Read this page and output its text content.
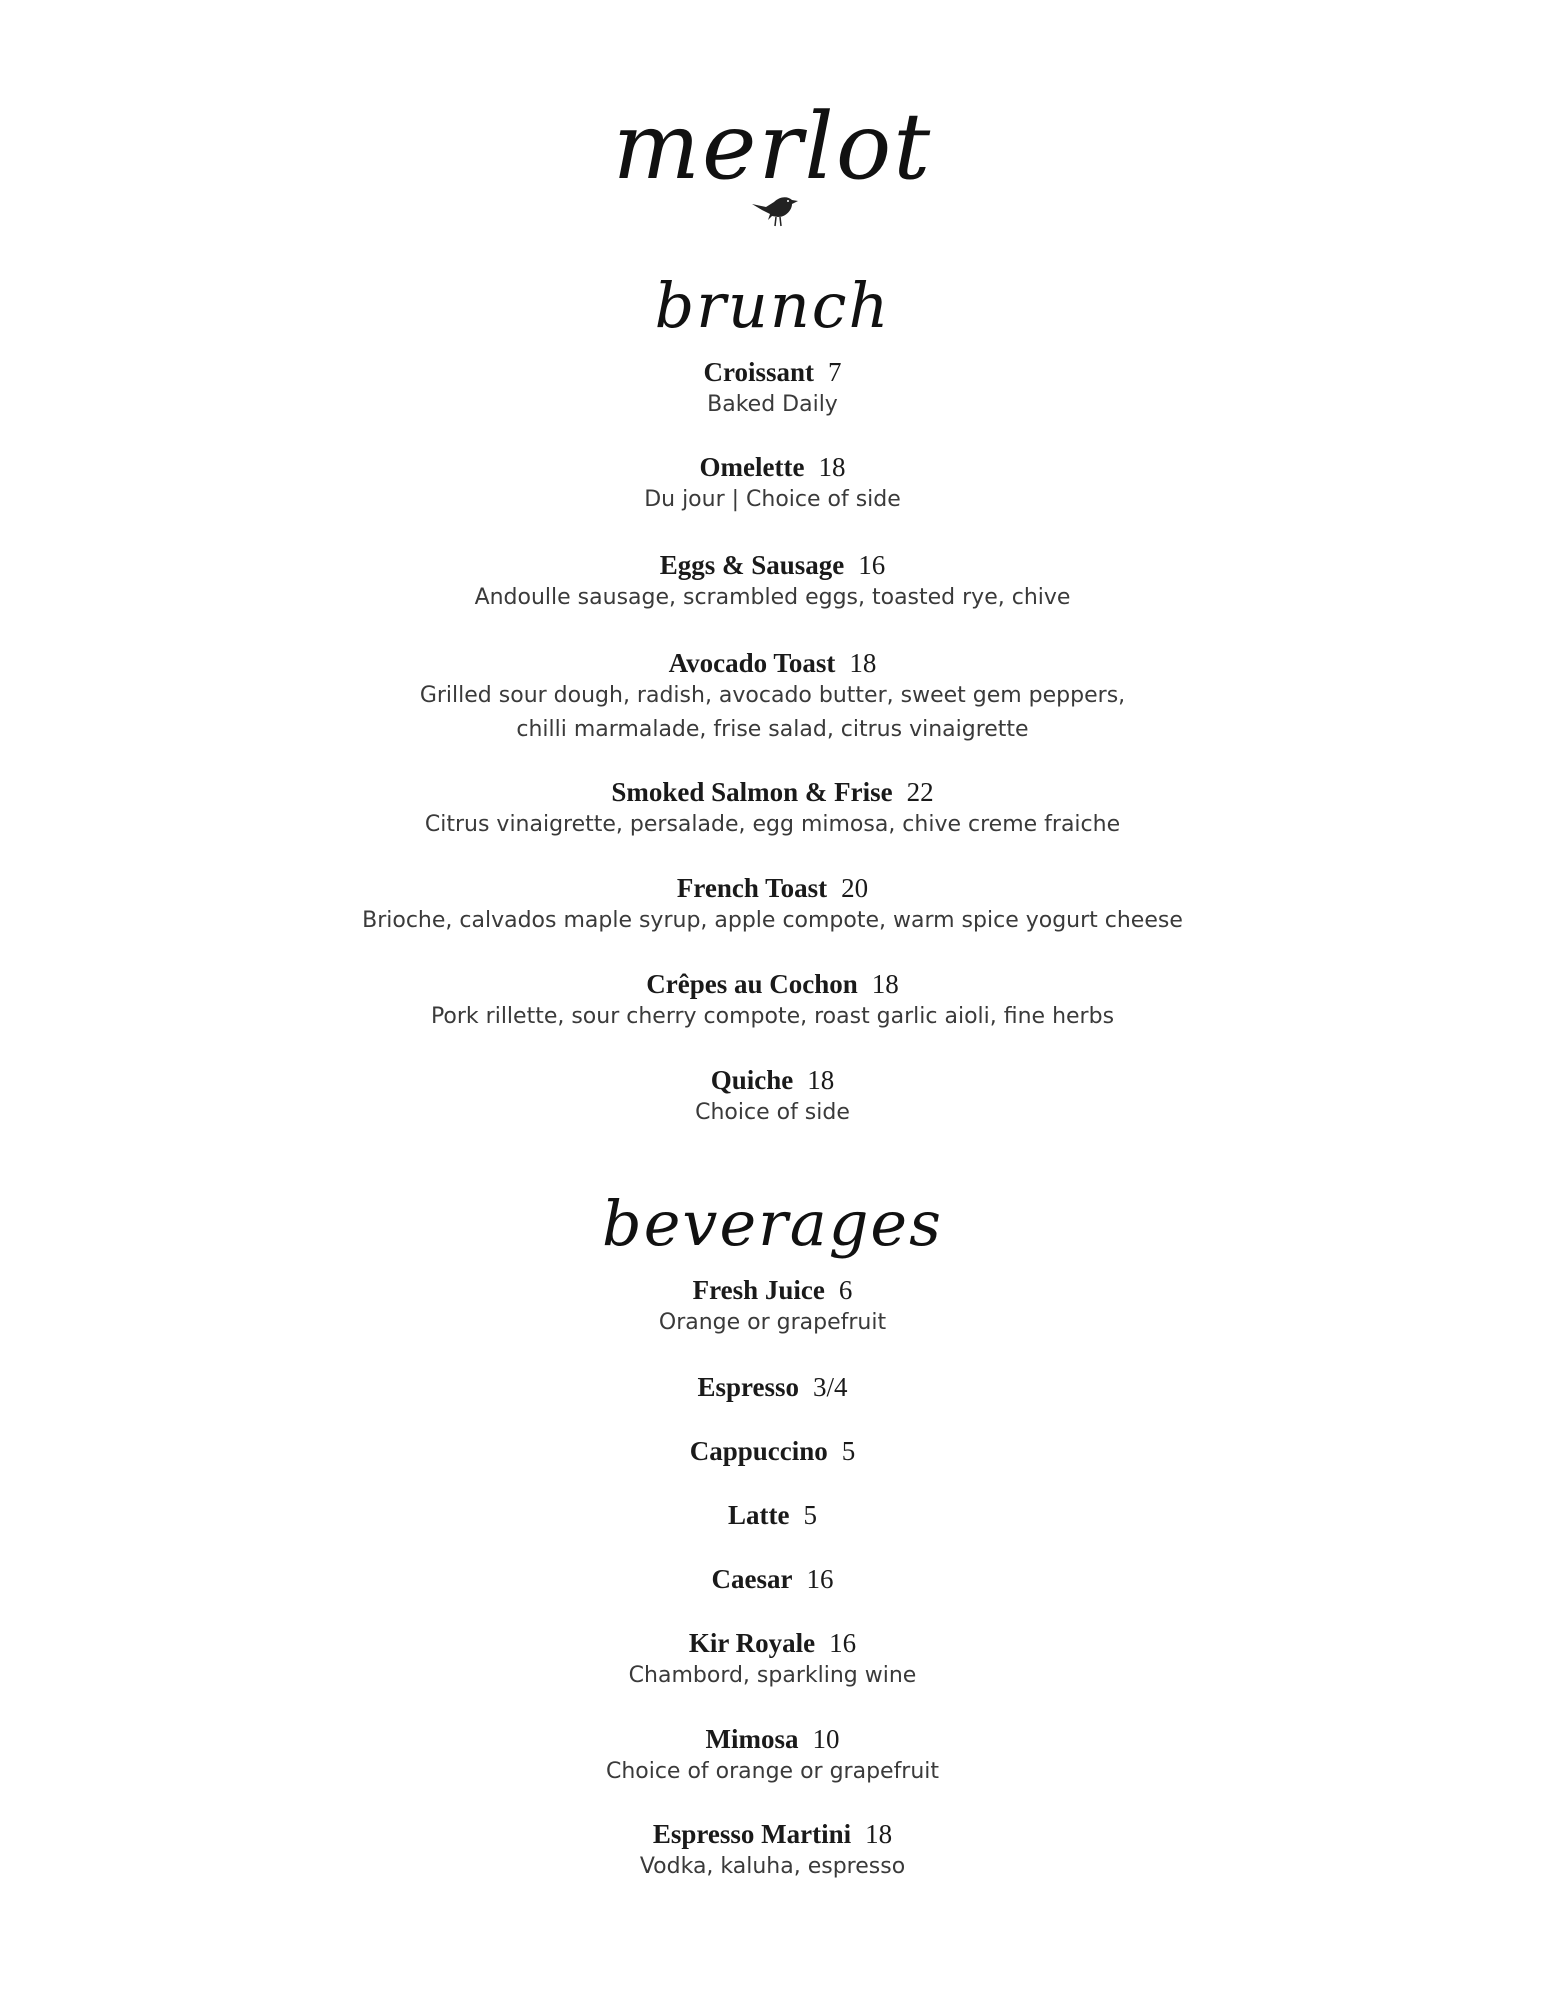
merlot
brunch
Croissant 7
Baked Daily
Omelette 18
Du jour | Choice of side
Eggs & Sausage 16
Andoulle sausage, scrambled eggs, toasted rye, chive
Avocado Toast 18
Grilled sour dough, radish, avocado butter, sweet gem peppers,
chilli marmalade, frise salad, citrus vinaigrette
Smoked Salmon & Frise 22
Citrus vinaigrette, persalade, egg mimosa, chive creme fraiche
French Toast 20
Brioche, calvados maple syrup, apple compote, warm spice yogurt cheese
Crêpes au Cochon 18
Pork rillette, sour cherry compote, roast garlic aioli, fine herbs
Quiche 18
Choice of side
beverages
Fresh Juice 6
Orange or grapefruit
Espresso 3/4
Cappuccino 5
Latte 5
Caesar 16
Kir Royale 16
Chambord, sparkling wine
Mimosa 10
Choice of orange or grapefruit
Espresso Martini 18
Vodka, kaluha, espresso
